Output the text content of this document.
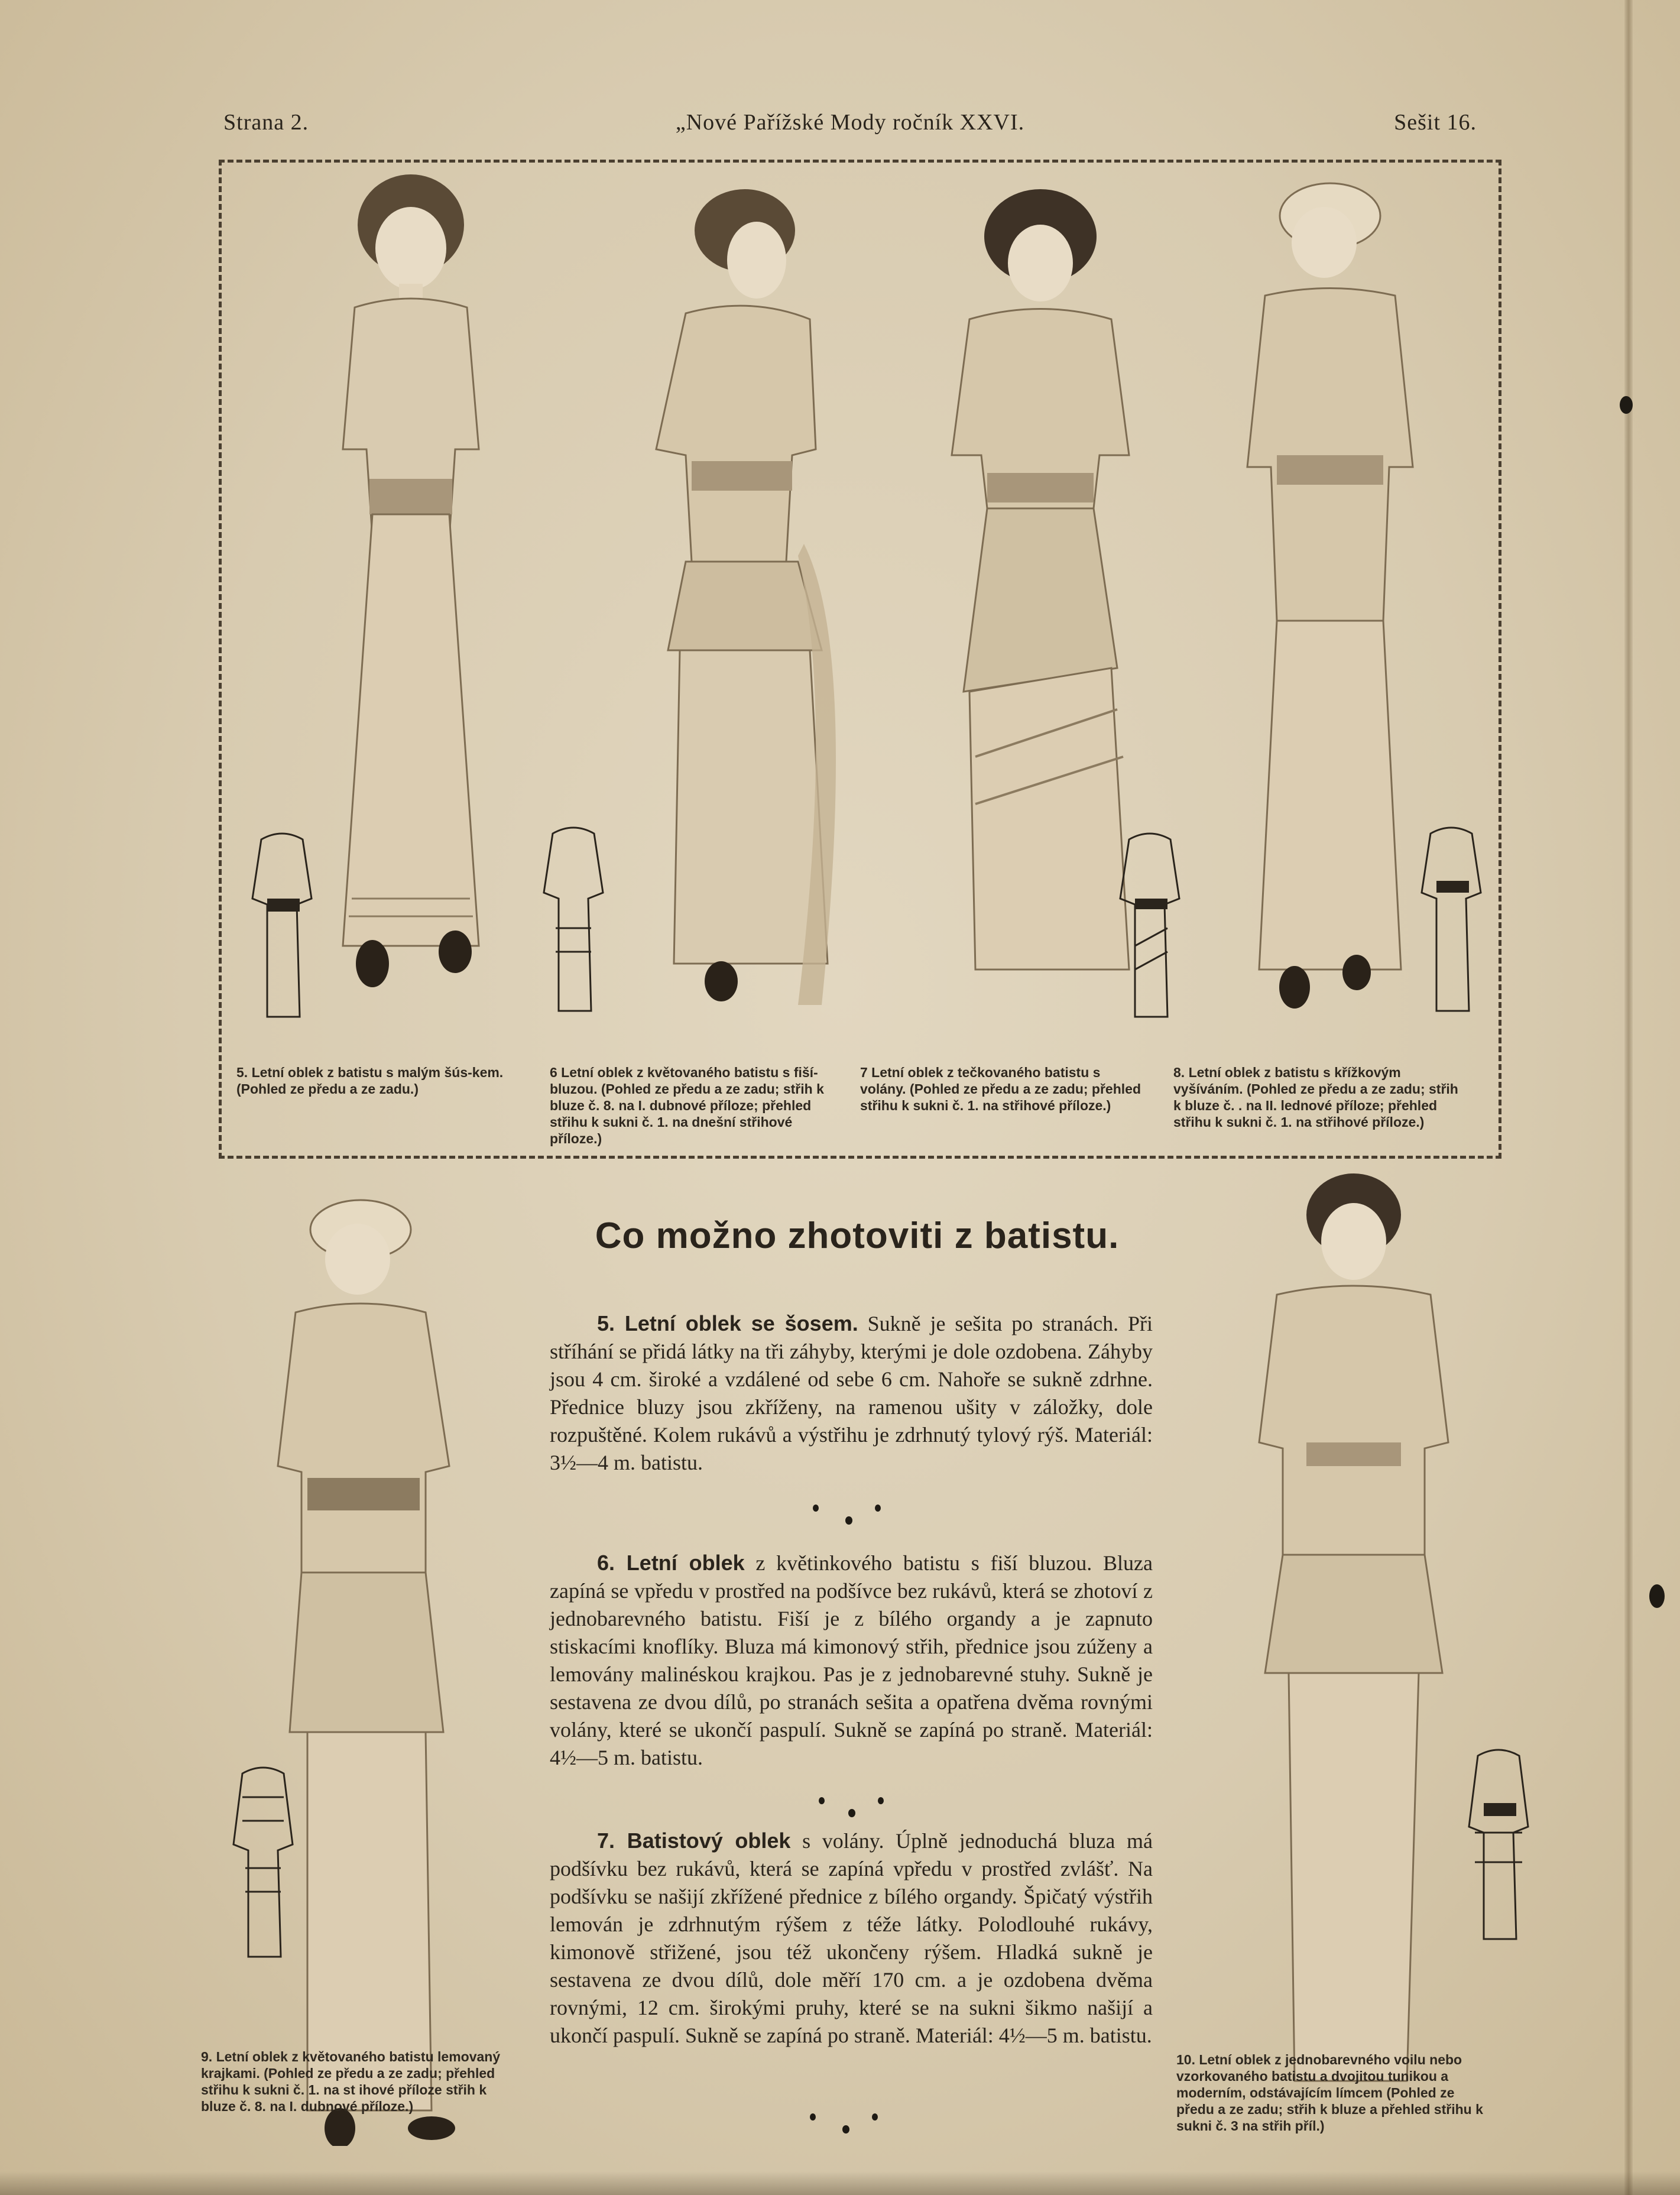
Strana 2.	„Nové Pařížské Mody ročník XXVI.	Sešit 16.
5. Letní oblek z batistu s malým šús-kem. (Pohled ze předu a ze zadu.)
6 Letní oblek z květovaného batistu s fiší-bluzou. (Pohled ze předu a ze zadu; střih k bluze č. 8. na I. dubnové příloze; přehled střihu k sukni č. 1. na dnešní střihové příloze.)
7 Letní oblek z tečkovaného batistu s volány. (Pohled ze předu a ze zadu; přehled střihu k sukni č. 1. na střihové příloze.)
8. Letní oblek z batistu s křížkovým vyšíváním. (Pohled ze předu a ze zadu; střih k bluze č. . na II. lednové příloze; přehled střihu k sukni č. 1. na střihové příloze.)
9. Letní oblek z květovaného batistu lemovaný krajkami. (Pohled ze předu a ze zadu; přehled střihu k sukni č. 1. na st ihové příloze střih k bluze č. 8. na I. dubnové příloze.)
10. Letní oblek z jednobarevného voilu nebo vzorkovaného batistu a dvojitou tunikou a moderním, odstávajícím límcem (Pohled ze předu a ze zadu; střih k bluze a přehled střihu k sukni č. 3 na střih příl.)
Co možno zhotoviti z batistu.
5. Letní oblek se šosem. Sukně je sešita po stranách. Při stříhání se přidá látky na tři záhyby, kterými je dole ozdobena. Záhyby jsou 4 cm. široké a vzdálené od sebe 6 cm. Nahoře se sukně zdrhne. Přednice bluzy jsou zkříženy, na ramenou ušity v záložky, dole rozpuštěné. Kolem rukávů a výstřihu je zdrhnutý tylový rýš. Materiál: 3½—4 m. batistu.
6. Letní oblek z květinkového batistu s fiší bluzou. Bluza zapíná se vpředu v prostřed na podšívce bez rukávů, která se zhotoví z jednobarevného batistu. Fiší je z bílého organdy a je zapnuto stiskacími knoflíky. Bluza má kimonový střih, přednice jsou zúženy a lemovány malinéskou krajkou. Pas je z jednobarevné stuhy. Sukně je sestavena ze dvou dílů, po stranách sešita a opatřena dvěma rovnými volány, které se ukončí paspulí. Sukně se zapíná po straně. Materiál: 4½—5 m. batistu.
7. Batistový oblek s volány. Úplně jednoduchá bluza má podšívku bez rukávů, která se zapíná vpředu v prostřed zvlášť. Na podšívku se našijí zkřížené přednice z bílého organdy. Špičatý výstřih lemován je zdrhnutým rýšem z téže látky. Polodlouhé rukávy, kimonově střižené, jsou též ukončeny rýšem. Hladká sukně je sestavena ze dvou dílů, dole měří 170 cm. a je ozdobena dvěma rovnými, 12 cm. širokými pruhy, které se na sukni šikmo našijí a ukončí paspulí. Sukně se zapíná po straně. Materiál: 4½—5 m. batistu.
